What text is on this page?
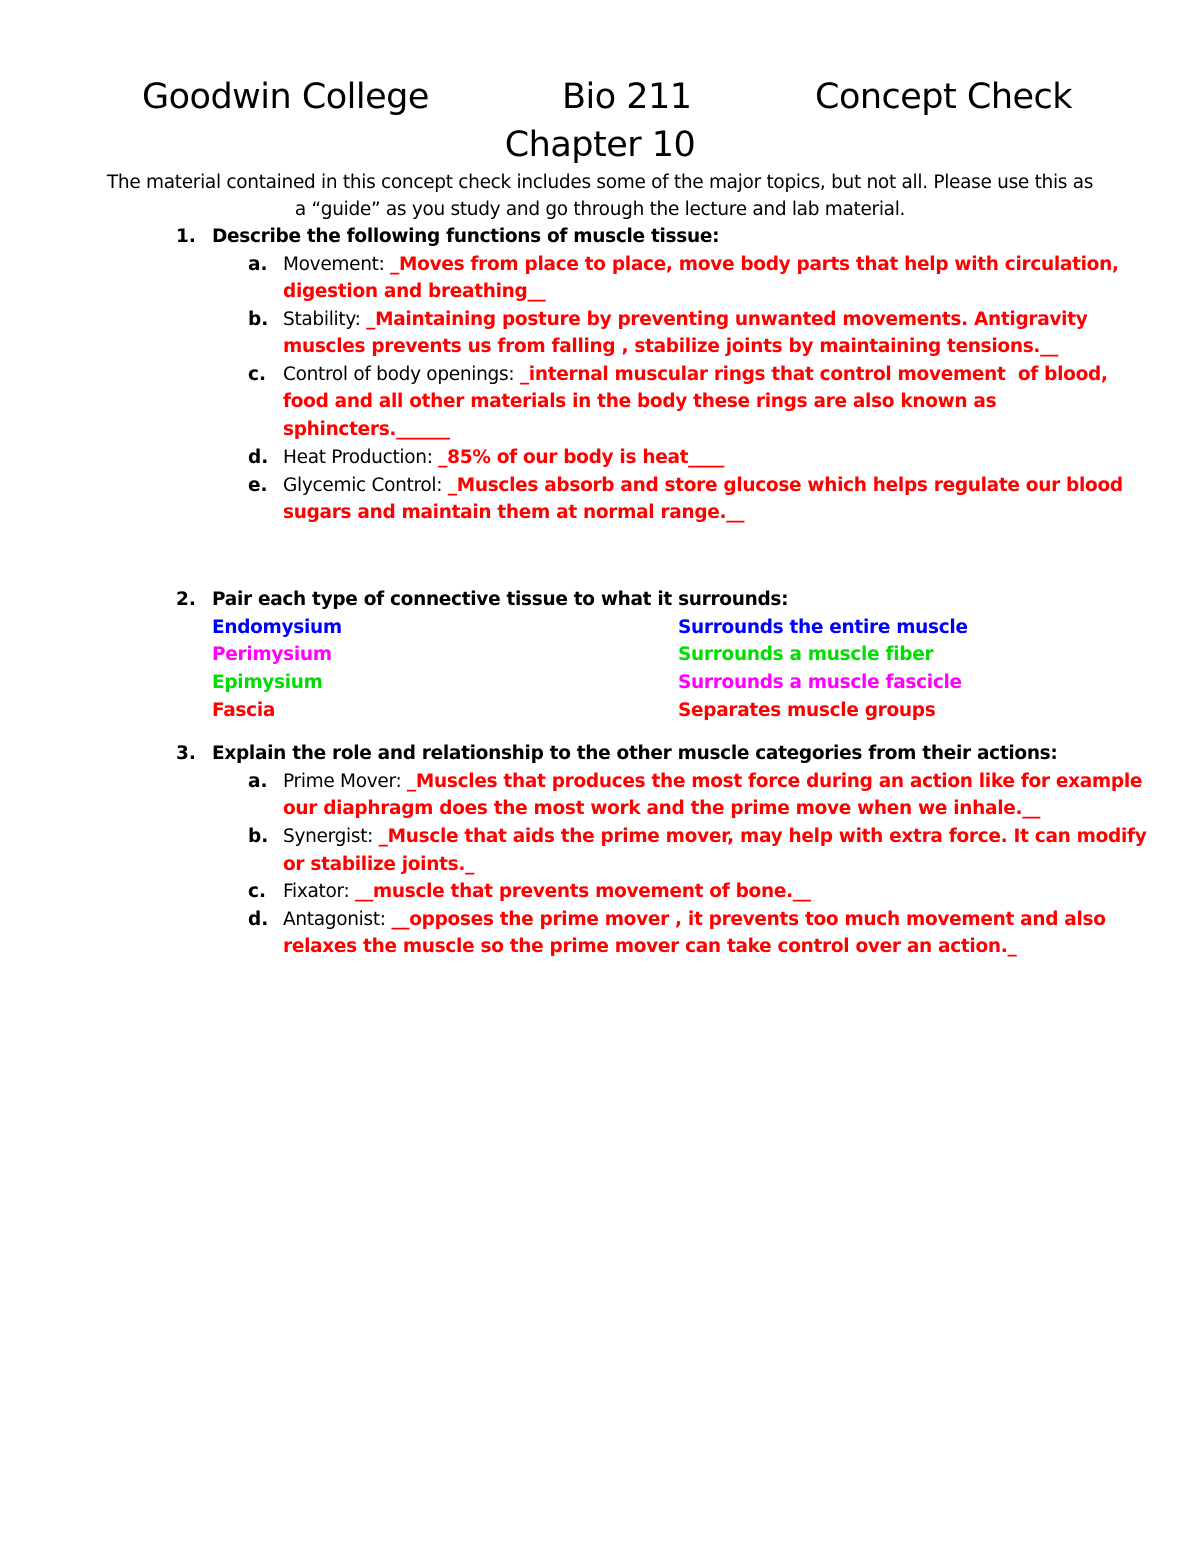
Goodwin College	Bio 211	Concept Check
Chapter 10
The material contained in this concept check includes some of the major topics, but not all. Please use this as a “guide” as you study and go through the lecture and lab material.
1. Describe the following functions of muscle tissue:
a. Movement: _Moves from place to place, move body parts that help with circulation,
digestion and breathing__
b. Stability: _Maintaining posture by preventing unwanted movements. Antigravity
muscles prevents us from falling , stabilize joints by maintaining tensions.__
c. Control of body openings: _internal muscular rings that control movement  of blood,
food and all other materials in the body these rings are also known as
sphincters.______
d. Heat Production: _85% of our body is heat____
e. Glycemic Control: _Muscles absorb and store glucose which helps regulate our blood
sugars and maintain them at normal range.__
2. Pair each type of connective tissue to what it surrounds:
Endomysium
Perimysium
Epimysium
Fascia
Surrounds the entire muscle
Surrounds a muscle fiber
Surrounds a muscle fascicle
Separates muscle groups
3. Explain the role and relationship to the other muscle categories from their actions:
a. Prime Mover: _Muscles that produces the most force during an action like for example
our diaphragm does the most work and the prime move when we inhale.__
b. Synergist: _Muscle that aids the prime mover, may help with extra force. It can modify
or stabilize joints._
c. Fixator: __muscle that prevents movement of bone.__
d. Antagonist: __opposes the prime mover , it prevents too much movement and also
relaxes the muscle so the prime mover can take control over an action._
